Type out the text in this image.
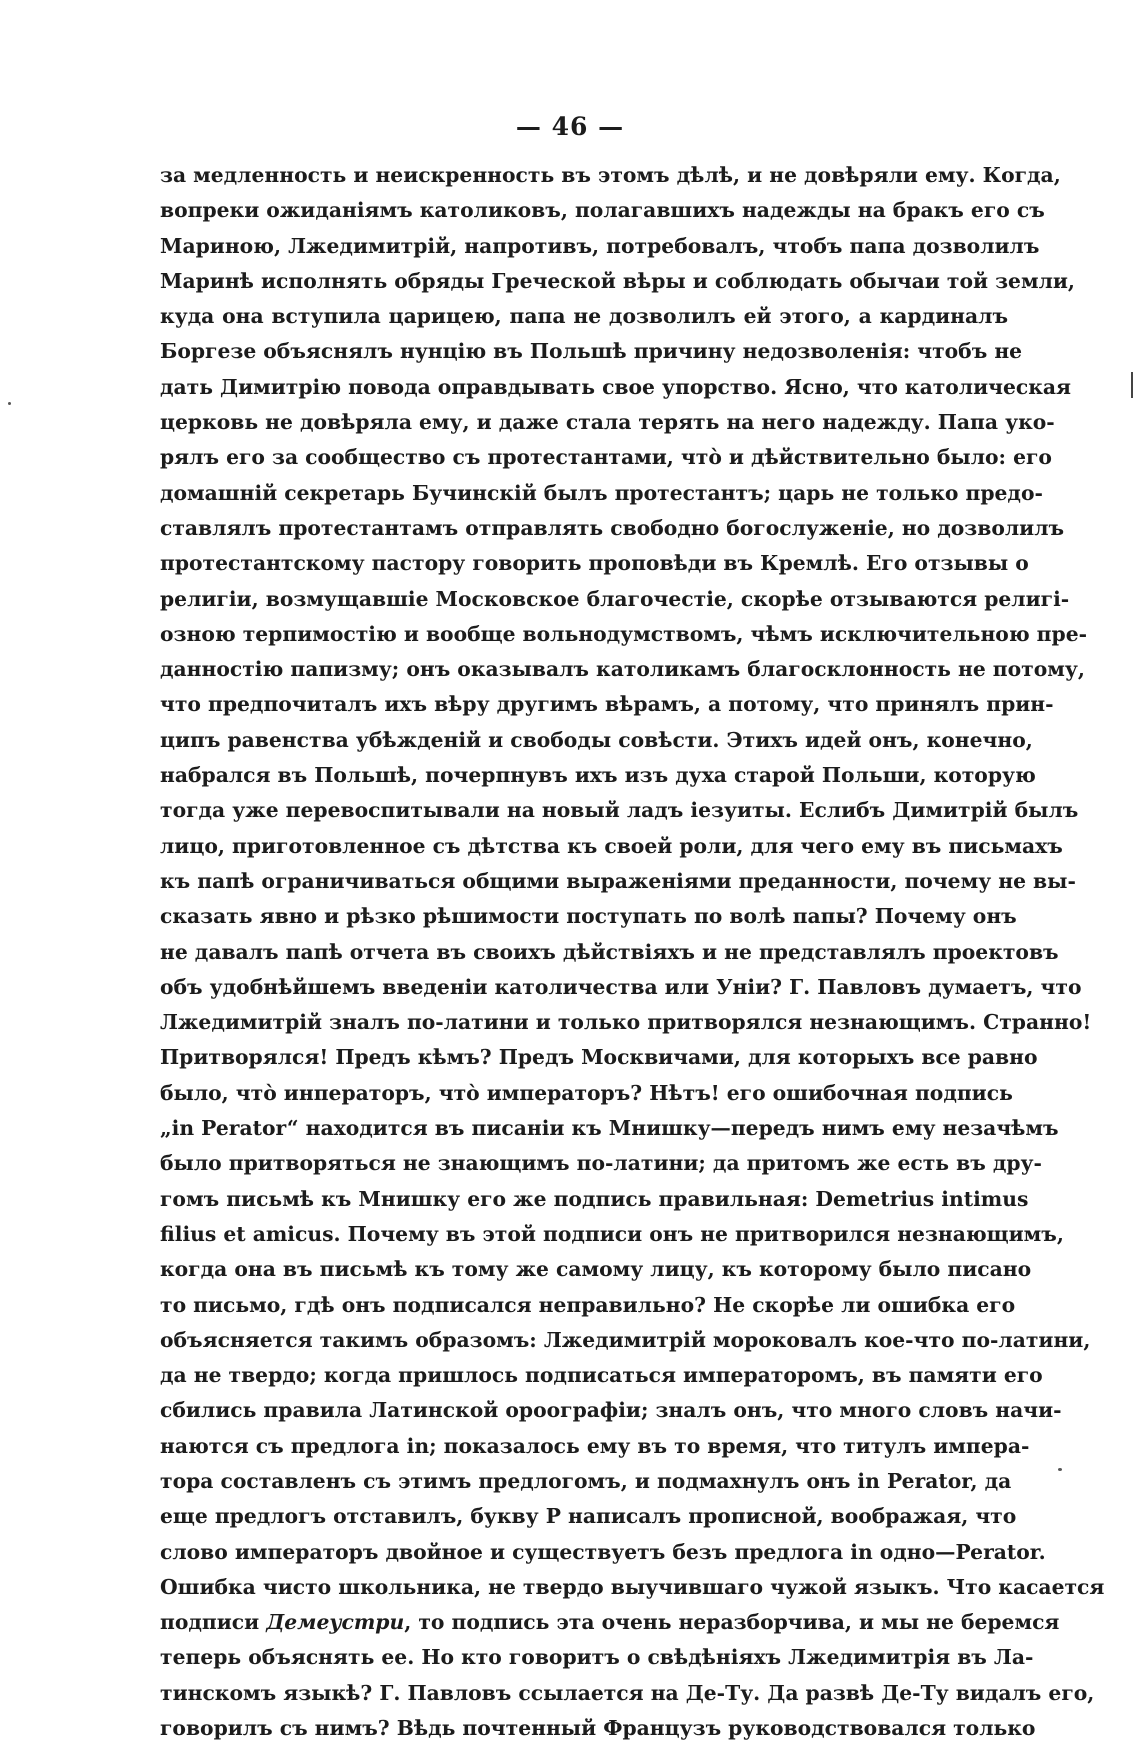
— 46 —
за медленность и неискренность въ этомъ дѣлѣ, и не довѣряли ему. Когда,
вопреки ожиданіямъ католиковъ, полагавшихъ надежды на бракъ его съ
Мариною, Лжедимитрій, напротивъ, потребовалъ, чтобъ папа дозволилъ
Маринѣ исполнять обряды Греческой вѣры и соблюдать обычаи той земли,
куда она вступила царицею, папа не дозволилъ ей этого, а кардиналъ
Боргезе объяснялъ нунцію въ Польшѣ причину недозволенія: чтобъ не
дать Димитрію повода оправдывать свое упорство. Ясно, что католическая
церковь не довѣряла ему, и даже стала терять на него надежду. Папа уко-
рялъ его за сообщество съ протестантами, что̀ и дѣйствительно было: его
домашній секретарь Бучинскій былъ протестантъ; царь не только предо-
ставлялъ протестантамъ отправлять свободно богослуженіе, но дозволилъ
протестантскому пастору говорить проповѣди въ Кремлѣ. Его отзывы о
религіи, возмущавшіе Московское благочестіе, скорѣе отзываются религі-
озною терпимостію и вообще вольнодумствомъ, чѣмъ исключительною пре-
данностію папизму; онъ оказывалъ католикамъ благосклонность не потому,
что предпочиталъ ихъ вѣру другимъ вѣрамъ, а потому, что принялъ прин-
ципъ равенства убѣжденій и свободы совѣсти. Этихъ идей онъ, конечно,
набрался въ Польшѣ, почерпнувъ ихъ изъ духа старой Польши, которую
тогда уже перевоспитывали на новый ладъ іезуиты. Еслибъ Димитрій былъ
лицо, приготовленное съ дѣтства къ своей роли, для чего ему въ письмахъ
къ папѣ ограничиваться общими выраженіями преданности, почему не вы-
сказать явно и рѣзко рѣшимости поступать по волѣ папы? Почему онъ
не давалъ папѣ отчета въ своихъ дѣйствіяхъ и не представлялъ проектовъ
объ удобнѣйшемъ введеніи католичества или Уніи? Г. Павловъ думаетъ, что
Лжедимитрій зналъ по-латини и только притворялся незнающимъ. Странно!
Притворялся! Предъ кѣмъ? Предъ Москвичами, для которыхъ все равно
было, что̀ инператоръ, что̀ императоръ? Нѣтъ! его ошибочная подпись
„in Perator“ находится въ писаніи къ Мнишку—передъ нимъ ему незачѣмъ
было притворяться не знающимъ по-латини; да притомъ же есть въ дру-
гомъ письмѣ къ Мнишку его же подпись правильная: Demetrius intimus
filius et amicus. Почему въ этой подписи онъ не притворился незнающимъ,
когда она въ письмѣ къ тому же самому лицу, къ которому было писано
то письмо, гдѣ онъ подписался неправильно? Не скорѣе ли ошибка его
объясняется такимъ образомъ: Лжедимитрій мороковалъ кое-что по-латини,
да не твердо; когда пришлось подписаться императоромъ, въ памяти его
сбились правила Латинской ороографіи; зналъ онъ, что много словъ начи-
наются съ предлога in; показалось ему въ то время, что титулъ импера-
тора составленъ съ этимъ предлогомъ, и подмахнулъ онъ in Perator, да
еще предлогъ отставилъ, букву Р написалъ прописной, воображая, что
слово императоръ двойное и существуетъ безъ предлога in одно—Perator.
Ошибка чисто школьника, не твердо выучившаго чужой языкъ. Что касается
подписи Демеустри, то подпись эта очень неразборчива, и мы не беремся
теперь объяснять ее. Но кто говоритъ о свѣдѣніяхъ Лжедимитрія въ Ла-
тинскомъ языкѣ? Г. Павловъ ссылается на Де-Ту. Да развѣ Де-Ту видалъ его,
говорилъ съ нимъ? Вѣдь почтенный Французъ руководствовался только
